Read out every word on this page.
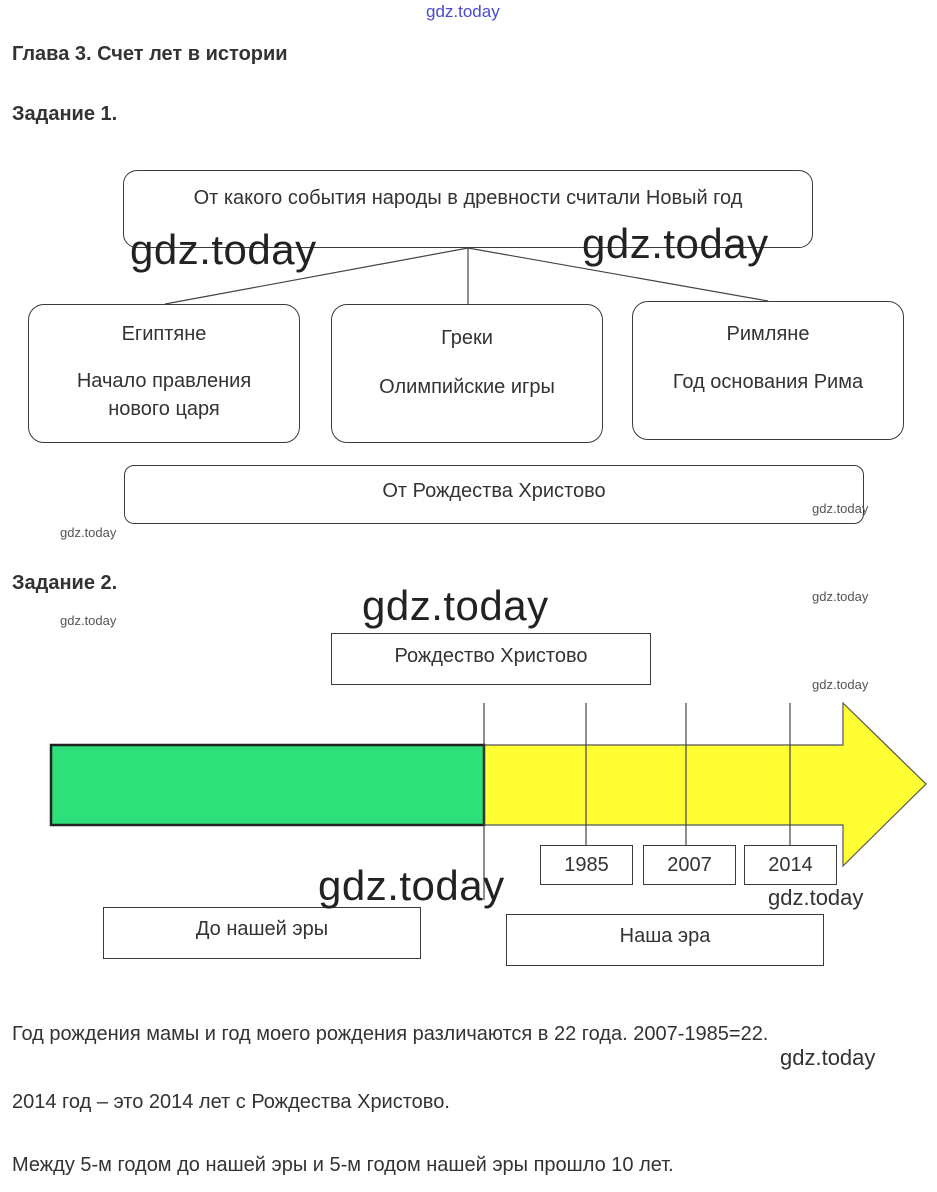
gdz.today
Глава 3. Счет лет в истории
Задание 1.
От какого события народы в древности считали Новый год
Египтяне
Начало правления
нового царя
Греки
Олимпийские игры
Римляне
Год основания Рима
От Рождества Христово
gdz.today	gdz.today
gdz.today
gdz.today
Задание 2.
gdz.today
gdz.today
gdz.today
gdz.today
Рождество Христово
1985	2007	2014
До нашей эры	Наша эра
gdz.today	gdz.today
Год рождения мамы и год моего рождения различаются в 22 года. 2007-1985=22.
gdz.today
2014 год – это 2014 лет с Рождества Христово.
Между 5-м годом до нашей эры и 5-м годом нашей эры прошло 10 лет.
